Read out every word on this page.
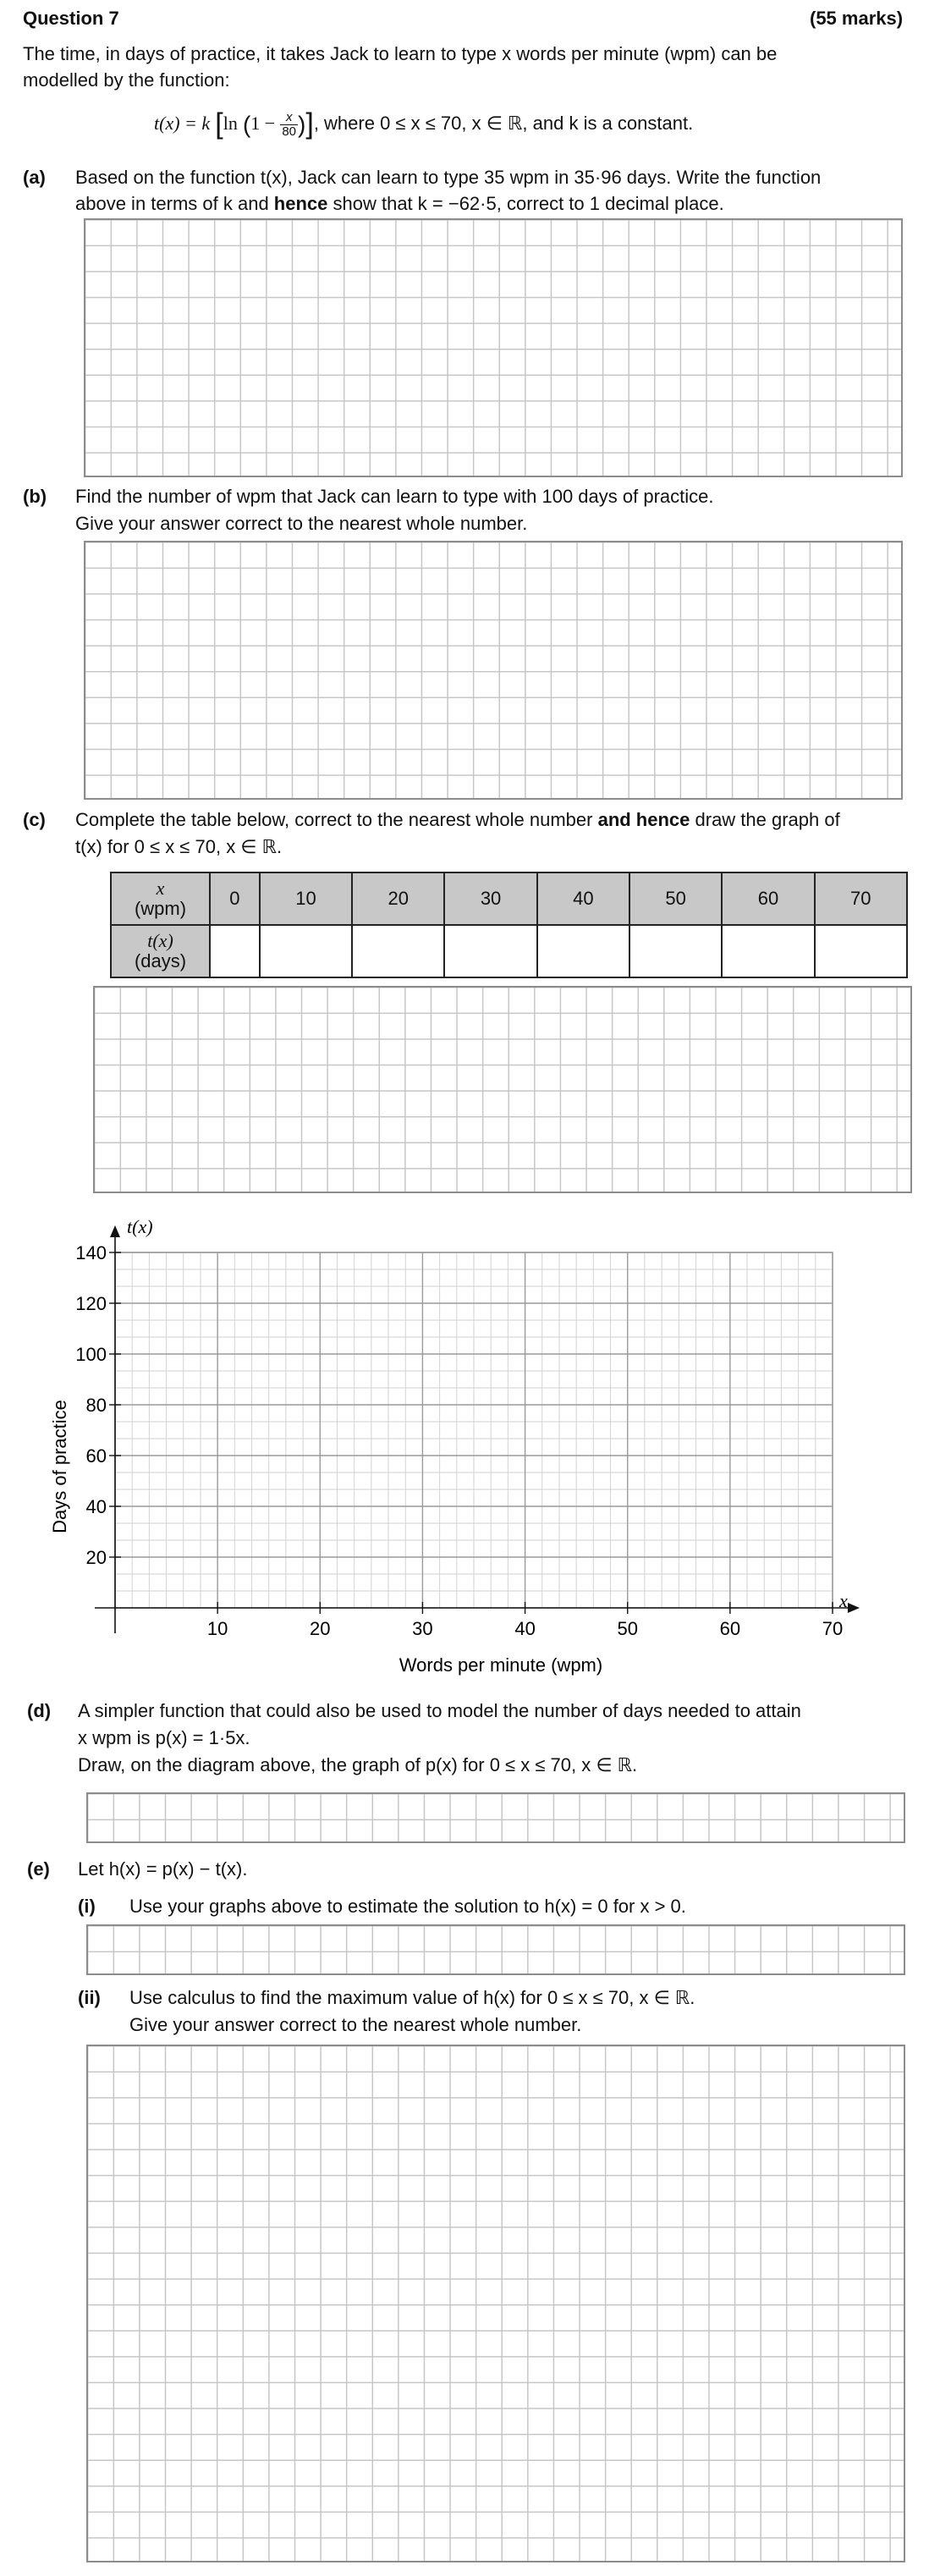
Question 7	(55 marks)
The time, in days of practice, it takes Jack to learn to type x words per minute (wpm) can be
modelled by the function:
t(x) = k [ln ($1 - \frac{x}{80}$ )], where 0 ≤ x ≤ 70, x ∈ ℝ, and k is a constant.
(a) Based on the function t(x), Jack can learn to type 35 wpm in 35·96 days. Write the function
above in terms of k and hence show that k = −62·5, correct to 1 decimal place.
(b) Find the number of wpm that Jack can learn to type with 100 days of practice.
Give your answer correct to the nearest whole number.
(c) Complete the table below, correct to the nearest whole number and hence draw the graph of
t(x) for 0 ≤ x ≤ 70, x ∈ ℝ.
x
(wpm)	0	10	20	30	40	50	60	70
t(x)
(days)								
140
120
100
80
60
40
20
10	20	30	40	50	60	70
t(x)
x
Words per minute (wpm)
Days of practice
(d) A simpler function that could also be used to model the number of days needed to attain
x wpm is p(x) = 1·5x.
Draw, on the diagram above, the graph of p(x) for 0 ≤ x ≤ 70, x ∈ ℝ.
(e) Let h(x) = p(x) − t(x).
(i) Use your graphs above to estimate the solution to h(x) = 0 for x > 0.
(ii) Use calculus to find the maximum value of h(x) for 0 ≤ x ≤ 70, x ∈ ℝ.
Give your answer correct to the nearest whole number.
